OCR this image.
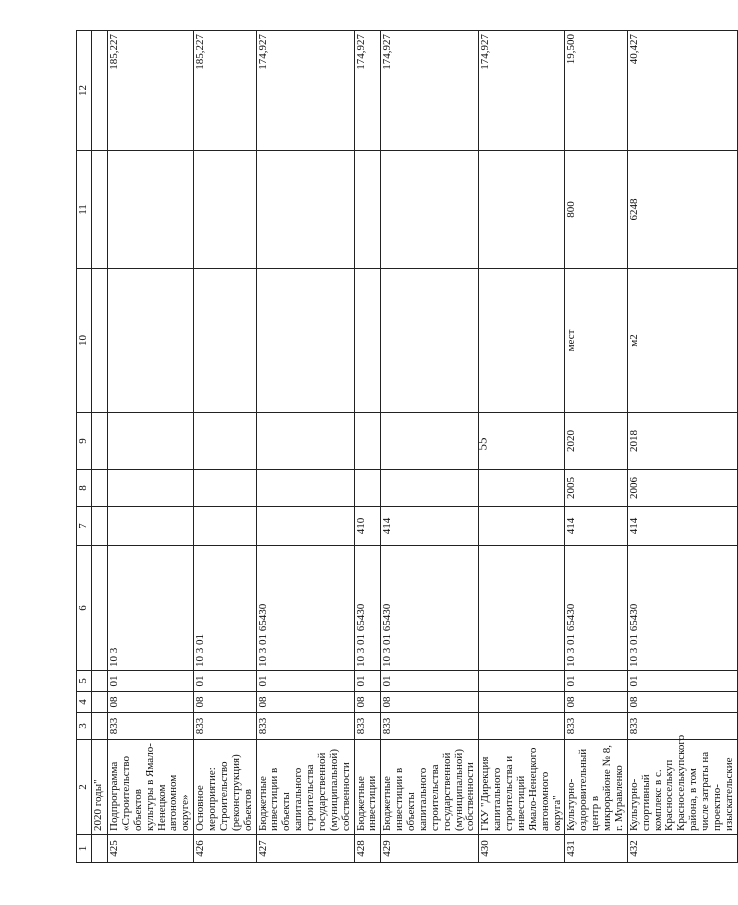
55
1	2	3	4	5	6	7	8	9	10	11	12
	2020 годы"										
425	Подпрограмма «Строительство объектов культуры в Ямало-Ненецком автономном округе»	833	08	01	10 3						185,227
426	Основное мероприятие: Строительство (реконструкция) объектов	833	08	01	10 3 01						185,227
427	Бюджетные инвестиции в объекты капитального строительства государственной (муниципальной) собственности	833	08	01	10 3 01 65430						174,927
428	Бюджетные инвестиции	833	08	01	10 3 01 65430	410					174,927
429	Бюджетные инвестиции в объекты капитального строительства государственной (муниципальной) собственности	833	08	01	10 3 01 65430	414					174,927
430	ГКУ "Дирекция капитального строительства и инвестиций Ямало-Ненецкого автономного округа"										174,927
431	Культурно-оздоровительный центр в микрорайоне № 8, г. Муравленко	833	08	01	10 3 01 65430	414	2005	2020	мест	800	19,500
432	Культурно-спортивный комплекс в с. Красноселькуп Красноселькупского района, в том числе затраты на проектно-изыскательские	833	08	01	10 3 01 65430	414	2006	2018	м2	6248	40,427
